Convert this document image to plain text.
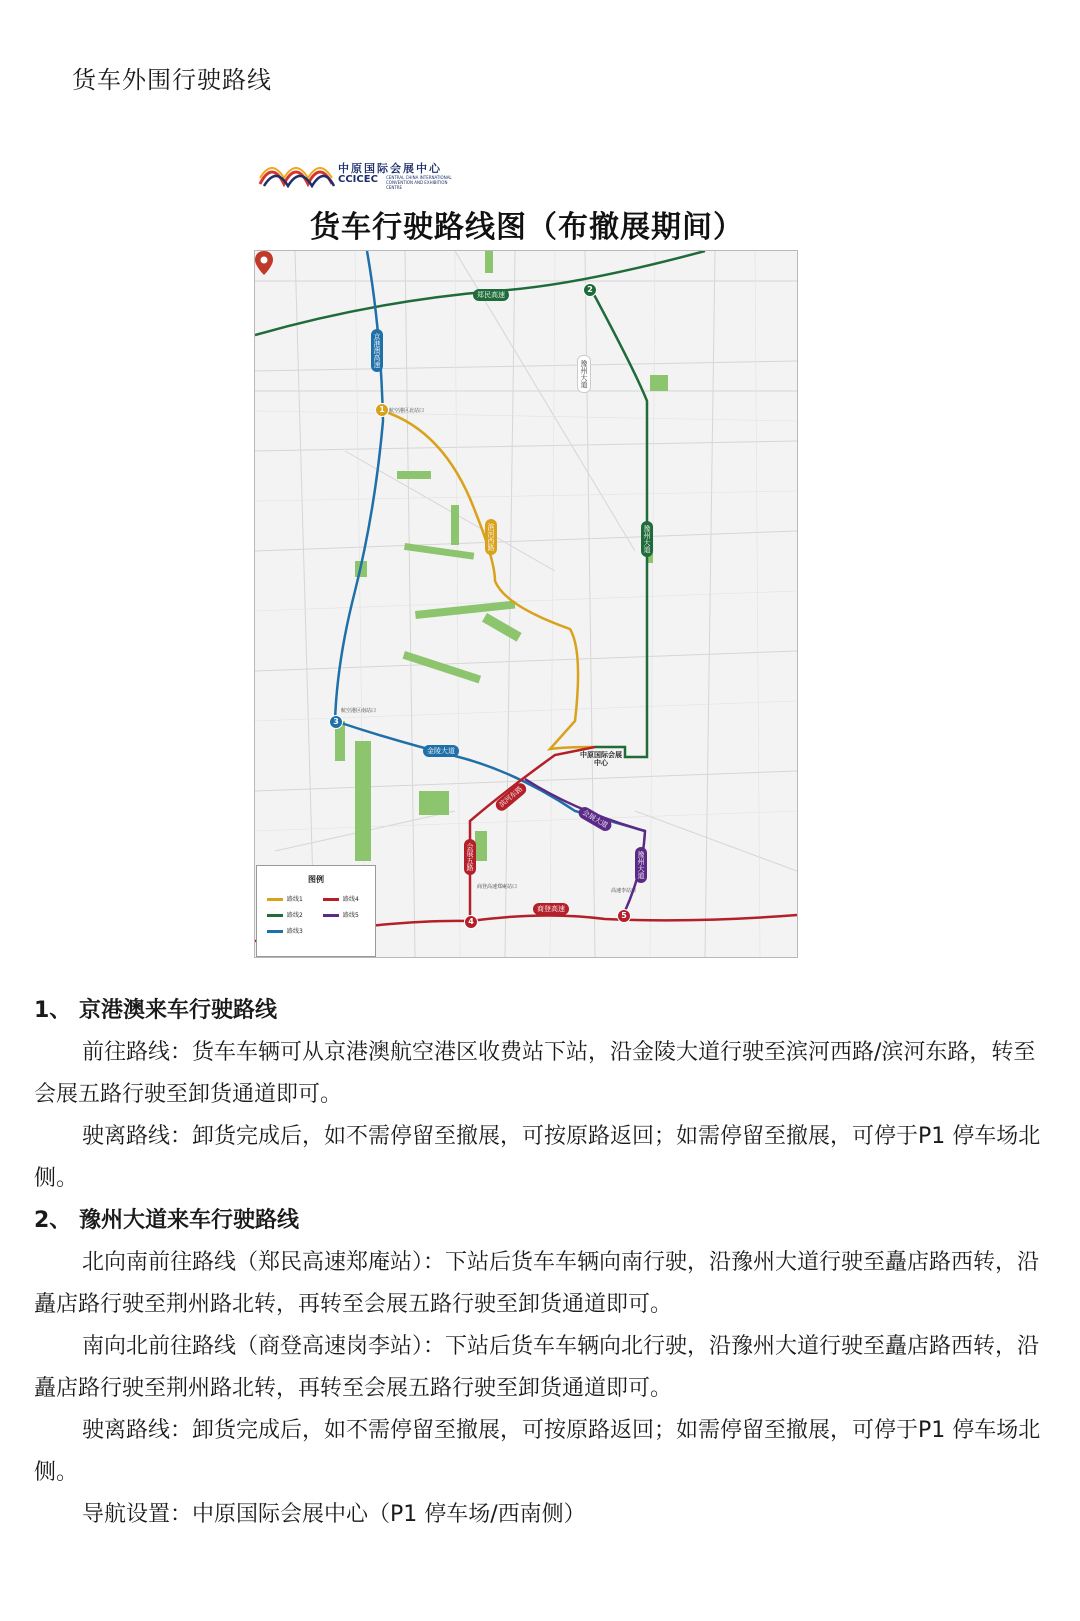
货车外围行驶路线
中原国际会展中心
CCICEC CENTRAL CHINA INTERNATIONAL CONVENTION AND EXHIBITION CENTRE
货车行驶路线图（布撤展期间）
郑民高速
京港澳高速
航空港区北站口
滨河西路	豫州大道
金陵大道
航空港区南站口
滨河东路
会展五路	豫州大道
商登高速
商登高速郑庵站口
会展大道
豫州大道
高速李站口
1
2
3
4
5
中原国际会展中心
图例
路线1	路线4
路线2	路线5
路线3
1、 京港澳来车行驶路线

前往路线：货车车辆可从京港澳航空港区收费站下站，沿金陵大道行驶至滨河西路/滨河东路，转至会展五路行驶至卸货通道即可。

驶离路线：卸货完成后，如不需停留至撤展，可按原路返回；如需停留至撤展，可停于P1 停车场北侧。

2、 豫州大道来车行驶路线

北向南前往路线（郑民高速郑庵站）：下站后货车车辆向南行驶，沿豫州大道行驶至矗店路西转，沿矗店路行驶至荆州路北转，再转至会展五路行驶至卸货通道即可。

南向北前往路线（商登高速岗李站）：下站后货车车辆向北行驶，沿豫州大道行驶至矗店路西转，沿矗店路行驶至荆州路北转，再转至会展五路行驶至卸货通道即可。

驶离路线：卸货完成后，如不需停留至撤展，可按原路返回；如需停留至撤展，可停于P1 停车场北侧。

导航设置：中原国际会展中心（P1 停车场/西南侧）
